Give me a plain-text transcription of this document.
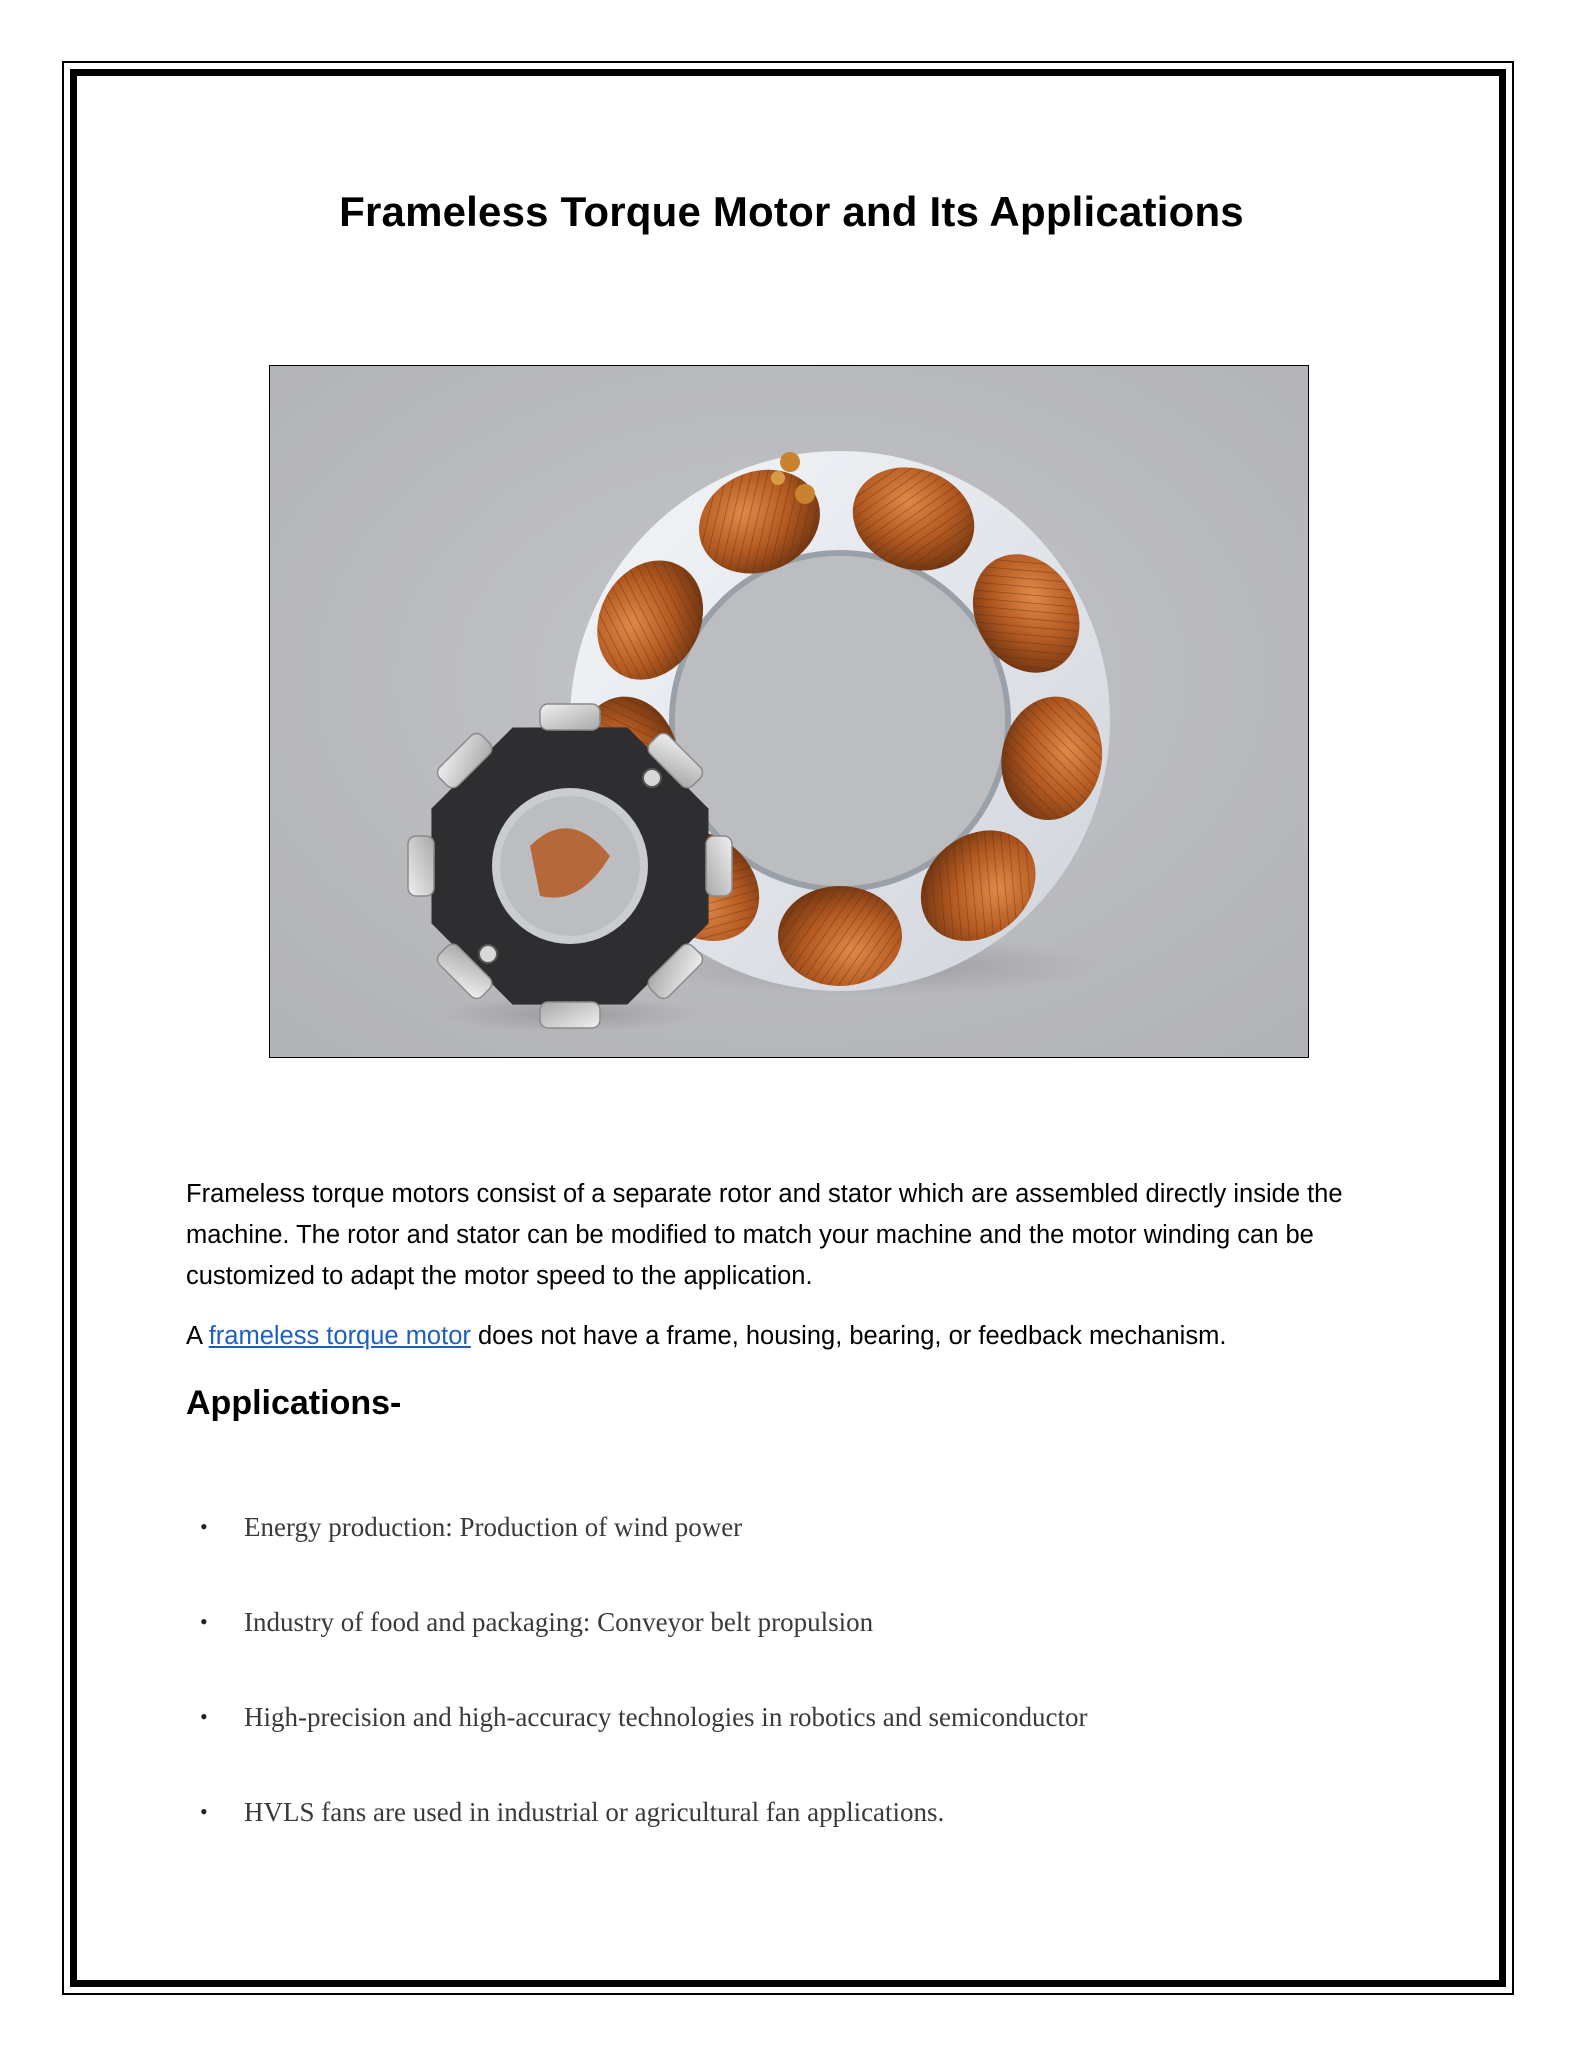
Frameless Torque Motor and Its Applications

Frameless torque motors consist of a separate rotor and stator which are assembled directly inside the machine. The rotor and stator can be modified to match your machine and the motor winding can be customized to adapt the motor speed to the application.

A frameless torque motor does not have a frame, housing, bearing, or feedback mechanism.

Applications-
• Energy production: Production of wind power
• Industry of food and packaging: Conveyor belt propulsion
• High-precision and high-accuracy technologies in robotics and semiconductor
• HVLS fans are used in industrial or agricultural fan applications.
